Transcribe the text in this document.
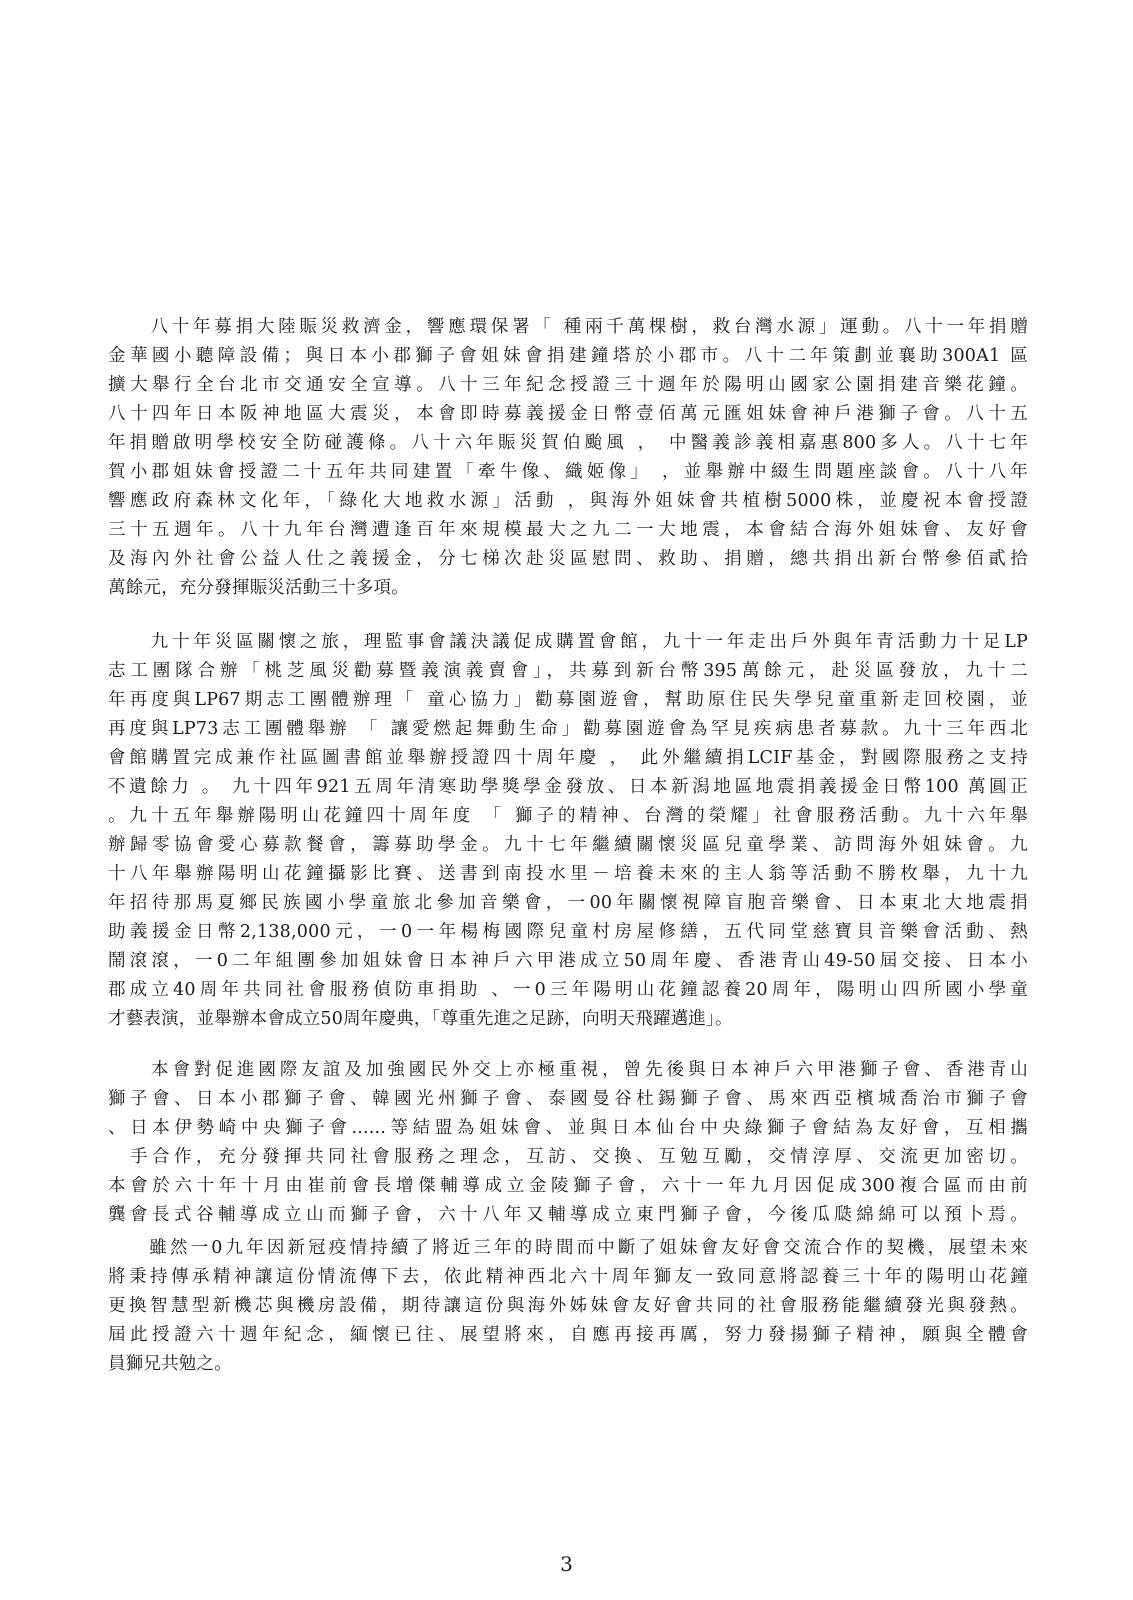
　　八十年募捐大陸賑災救濟金，響應環保署「 種兩千萬棵樹，救台灣水源」運動。八十一年捐贈
金華國小聽障設備；與日本小郡獅子會姐妹會捐建鐘塔於小郡市。八十二年策劃並襄助300A1 區
擴大舉行全台北市交通安全宣導。八十三年紀念授證三十週年於陽明山國家公園捐建音樂花鐘。
八十四年日本阪神地區大震災，本會即時募義援金日幣壹佰萬元匯姐妹會神戶港獅子會。八十五
年捐贈啟明學校安全防碰護條。八十六年賑災賀伯颱風 ， 中醫義診義相嘉惠800多人。八十七年
賀小郡姐妹會授證二十五年共同建置「牽牛像、織姬像」 ，並舉辦中綴生問題座談會。八十八年
響應政府森林文化年，「綠化大地救水源」活動 ，與海外姐妹會共植樹5000株，並慶祝本會授證
三十五週年。八十九年台灣遭逢百年來規模最大之九二一大地震，本會結合海外姐妹會、友好會
及海內外社會公益人仕之義援金，分七梯次赴災區慰問、救助、捐贈，總共捐出新台幣參佰貳拾
萬餘元，充分發揮賑災活動三十多項。
　　九十年災區關懷之旅，理監事會議決議促成購置會館，九十一年走出戶外與年青活動力十足LP
志工團隊合辦「桃芝風災勸募暨義演義賣會」，共募到新台幣395萬餘元，赴災區發放，九十二
年再度與LP67期志工團體辦理「 童心協力」勸募園遊會，幫助原住民失學兒童重新走回校園，並
再度與LP73志工團體舉辦 「 讓愛燃起舞動生命」勸募園遊會為罕見疾病患者募款。九十三年西北
會館購置完成兼作社區圖書館並舉辦授證四十周年慶 ， 此外繼續捐LCIF基金，對國際服務之支持
不遺餘力 。 九十四年921五周年清寒助學獎學金發放、日本新潟地區地震捐義援金日幣100 萬圓正
。九十五年舉辦陽明山花鐘四十周年度 「 獅子的精神、台灣的榮耀」社會服務活動。九十六年舉
辦歸零協會愛心募款餐會，籌募助學金。九十七年繼續關懷災區兒童學業、訪問海外姐妹會。九
十八年舉辦陽明山花鐘攝影比賽、送書到南投水里－培養未來的主人翁等活動不勝枚舉，九十九
年招待那馬夏鄉民族國小學童旅北參加音樂會，一00年關懷視障盲胞音樂會、日本東北大地震捐
助義援金日幣2,138,000元，一0一年楊梅國際兒童村房屋修繕，五代同堂慈寶貝音樂會活動、熱
鬧滾滾，一0二年組團參加姐妹會日本神戶六甲港成立50周年慶、香港青山49-50屆交接、日本小
郡成立40周年共同社會服務偵防車捐助 、一0三年陽明山花鐘認養20周年，陽明山四所國小學童
才藝表演，並舉辦本會成立50周年慶典，「尊重先進之足跡，向明天飛躍邁進」。
　　本會對促進國際友誼及加強國民外交上亦極重視，曾先後與日本神戶六甲港獅子會、香港青山
獅子會、日本小郡獅子會、韓國光州獅子會、泰國曼谷杜錫獅子會、馬來西亞檳城喬治市獅子會
、日本伊勢崎中央獅子會......等結盟為姐妹會、並與日本仙台中央綠獅子會結為友好會，互相攜
　手合作，充分發揮共同社會服務之理念，互訪、交換、互勉互勵，交情淳厚、交流更加密切。
本會於六十年十月由崔前會長增傑輔導成立金陵獅子會，六十一年九月因促成300複合區而由前
龔會長式谷輔導成立山而獅子會，六十八年又輔導成立東門獅子會，今後瓜瓞綿綿可以預卜焉。
　　雖然一0九年因新冠疫情持續了將近三年的時間而中斷了姐妹會友好會交流合作的契機，展望未來
將秉持傳承精神讓這份情流傳下去，依此精神西北六十周年獅友一致同意將認養三十年的陽明山花鐘
更換智慧型新機芯與機房設備，期待讓這份與海外姊妹會友好會共同的社會服務能繼續發光與發熱。
屆此授證六十週年紀念，緬懷已往、展望將來，自應再接再厲，努力發揚獅子精神，願與全體會
員獅兄共勉之。
3
